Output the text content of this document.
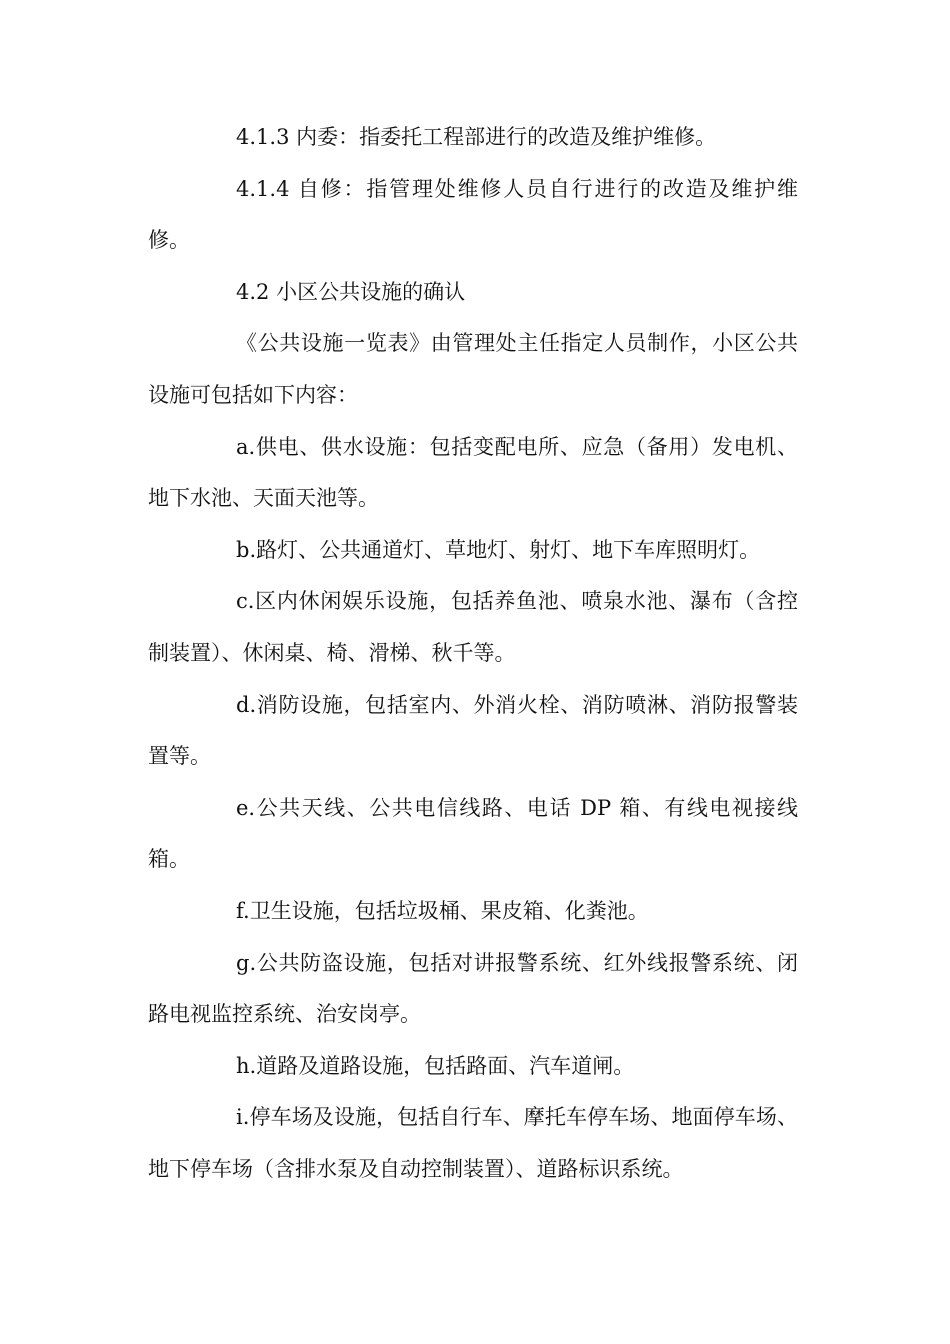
4.1.3 内委：指委托工程部进行的改造及维护维修。

4.1.4 自修：指管理处维修人员自行进行的改造及维护维修。

4.2 小区公共设施的确认

《公共设施一览表》由管理处主任指定人员制作，小区公共设施可包括如下内容：

a.供电、供水设施：包括变配电所、应急（备用）发电机、地下水池、天面天池等。

b.路灯、公共通道灯、草地灯、射灯、地下车库照明灯。

c.区内休闲娱乐设施，包括养鱼池、喷泉水池、瀑布（含控制装置）、休闲桌、椅、滑梯、秋千等。

d.消防设施，包括室内、外消火栓、消防喷淋、消防报警装置等。

e.公共天线、公共电信线路、电话 DP 箱、有线电视接线箱。

f.卫生设施，包括垃圾桶、果皮箱、化粪池。

g.公共防盗设施，包括对讲报警系统、红外线报警系统、闭路电视监控系统、治安岗亭。

h.道路及道路设施，包括路面、汽车道闸。

i.停车场及设施，包括自行车、摩托车停车场、地面停车场、地下停车场（含排水泵及自动控制装置）、道路标识系统。
